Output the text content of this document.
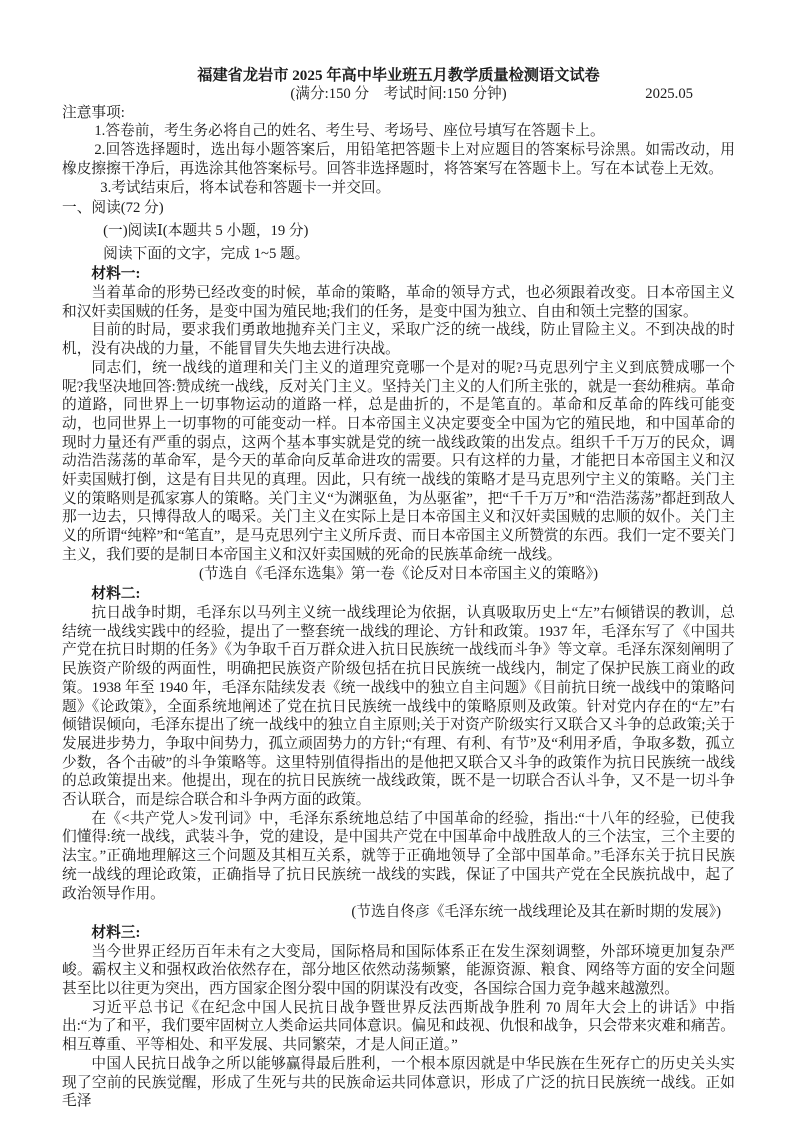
福建省龙岩市 2025 年高中毕业班五月教学质量检测语文试卷
(满分:150 分　考试时间:150 分钟)	2025.05
注意事项:

1.答卷前，考生务必将自己的姓名、考生号、考场号、座位号填写在答题卡上。

2.回答选择题时，选出每小题答案后，用铅笔把答题卡上对应题目的答案标号涂黑。如需改动，用橡皮擦擦干净后，再选涂其他答案标号。回答非选择题时，将答案写在答题卡上。写在本试卷上无效。

3.考试结束后，将本试卷和答题卡一并交回。

一、阅读(72 分)

(一)阅读Ⅰ(本题共 5 小题，19 分)

阅读下面的文字，完成 1~5 题。

材料一:

当着革命的形势已经改变的时候，革命的策略，革命的领导方式，也必须跟着改变。日本帝国主义和汉奸卖国贼的任务，是变中国为殖民地;我们的任务，是变中国为独立、自由和领土完整的国家。

目前的时局，要求我们勇敢地抛弃关门主义，采取广泛的统一战线，防止冒险主义。不到决战的时机，没有决战的力量，不能冒冒失失地去进行决战。

同志们，统一战线的道理和关门主义的道理究竟哪一个是对的呢?马克思列宁主义到底赞成哪一个呢?我坚决地回答:赞成统一战线，反对关门主义。坚持关门主义的人们所主张的，就是一套幼稚病。革命的道路，同世界上一切事物运动的道路一样，总是曲折的，不是笔直的。革命和反革命的阵线可能变动，也同世界上一切事物的可能变动一样。日本帝国主义决定要变全中国为它的殖民地，和中国革命的现时力量还有严重的弱点，这两个基本事实就是党的统一战线政策的出发点。组织千千万万的民众，调动浩浩荡荡的革命军，是今天的革命向反革命进攻的需要。只有这样的力量，才能把日本帝国主义和汉奸卖国贼打倒，这是有目共见的真理。因此，只有统一战线的策略才是马克思列宁主义的策略。关门主义的策略则是孤家寡人的策略。关门主义“为渊驱鱼，为丛驱雀”，把“千千万万”和“浩浩荡荡”都赶到敌人那一边去，只博得敌人的喝采。关门主义在实际上是日本帝国主义和汉奸卖国贼的忠顺的奴仆。关门主义的所谓“纯粹”和“笔直”，是马克思列宁主义所斥责、而日本帝国主义所赞赏的东西。我们一定不要关门主义，我们要的是制日本帝国主义和汉奸卖国贼的死命的民族革命统一战线。

(节选自《毛泽东选集》第一卷《论反对日本帝国主义的策略》)

材料二:

抗日战争时期，毛泽东以马列主义统一战线理论为依据，认真吸取历史上“左”右倾错误的教训，总结统一战线实践中的经验，提出了一整套统一战线的理论、方针和政策。1937 年，毛泽东写了《中国共产党在抗日时期的任务》《为争取千百万群众进入抗日民族统一战线而斗争》等文章。毛泽东深刻阐明了民族资产阶级的两面性，明确把民族资产阶级包括在抗日民族统一战线内，制定了保护民族工商业的政策。1938 年至 1940 年，毛泽东陆续发表《统一战线中的独立自主问题》《目前抗日统一战线中的策略问题》《论政策》，全面系统地阐述了党在抗日民族统一战线中的策略原则及政策。针对党内存在的“左”右倾错误倾向，毛泽东提出了统一战线中的独立自主原则;关于对资产阶级实行又联合又斗争的总政策;关于发展进步势力，争取中间势力，孤立顽固势力的方针;“有理、有利、有节”及“利用矛盾，争取多数，孤立少数，各个击破”的斗争策略等。这里特别值得指出的是他把又联合又斗争的政策作为抗日民族统一战线的总政策提出来。他提出，现在的抗日民族统一战线政策，既不是一切联合否认斗争，又不是一切斗争否认联合，而是综合联合和斗争两方面的政策。

在《<共产党人>发刊词》中，毛泽东系统地总结了中国革命的经验，指出:“十八年的经验，已使我们懂得:统一战线，武装斗争，党的建设，是中国共产党在中国革命中战胜敌人的三个法宝，三个主要的法宝。”正确地理解这三个问题及其相互关系，就等于正确地领导了全部中国革命。”毛泽东关于抗日民族统一战线的理论政策，正确指导了抗日民族统一战线的实践，保证了中国共产党在全民族抗战中，起了政治领导作用。

(节选自佟彦《毛泽东统一战线理论及其在新时期的发展》)

材料三:

当今世界正经历百年未有之大变局，国际格局和国际体系正在发生深刻调整，外部环境更加复杂严峻。霸权主义和强权政治依然存在，部分地区依然动荡频繁，能源资源、粮食、网络等方面的安全问题甚至比以往更为突出，西方国家企图分裂中国的阴谋没有改变，各国综合国力竞争越来越激烈。

习近平总书记《在纪念中国人民抗日战争暨世界反法西斯战争胜利 70 周年大会上的讲话》中指出:“为了和平，我们要牢固树立人类命运共同体意识。偏见和歧视、仇恨和战争，只会带来灾难和痛苦。相互尊重、平等相处、和平发展、共同繁荣，才是人间正道。”

中国人民抗日战争之所以能够赢得最后胜利，一个根本原因就是中华民族在生死存亡的历史关头实现了空前的民族觉醒，形成了生死与共的民族命运共同体意识，形成了广泛的抗日民族统一战线。正如毛泽
